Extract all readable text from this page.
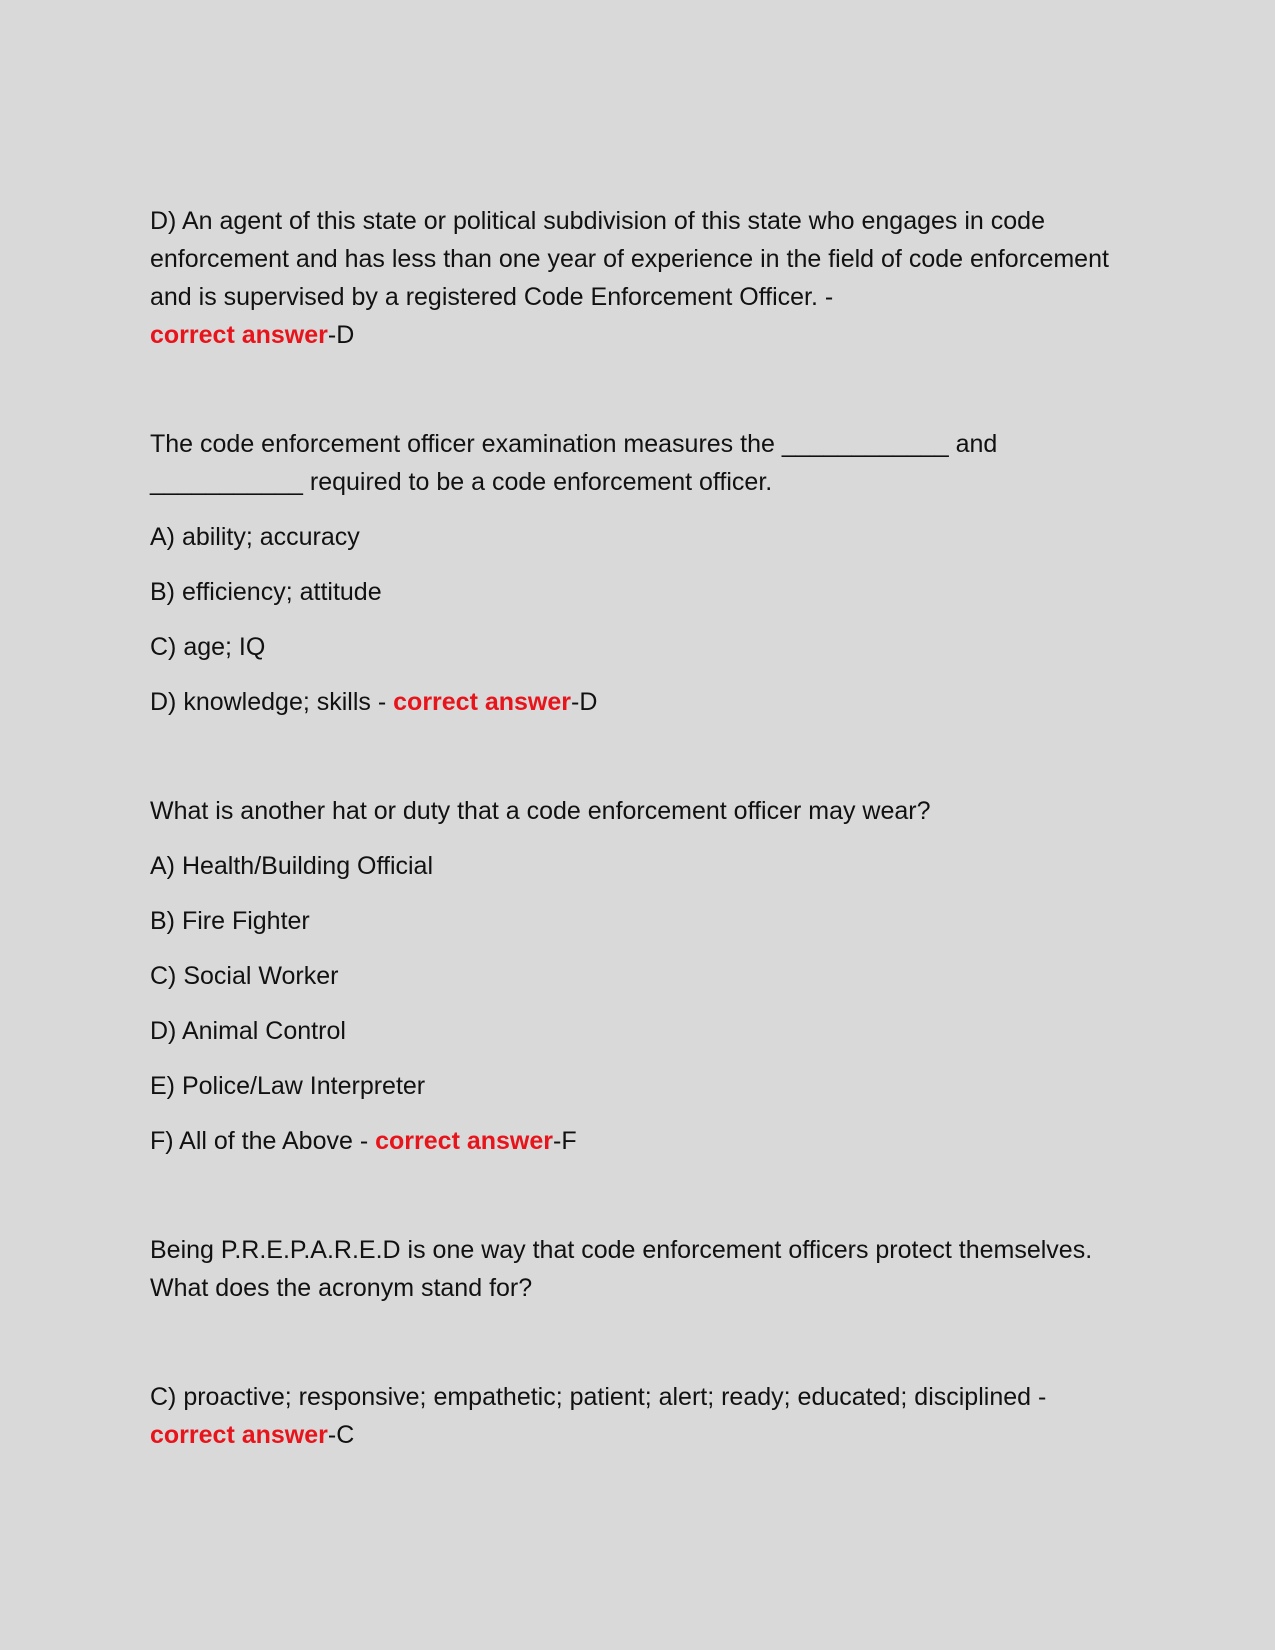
D) An agent of this state or political subdivision of this state who engages in code enforcement and has less than one year of experience in the field of code enforcement and is supervised by a registered Code Enforcement Officer. -
correct answer-D

The code enforcement officer examination measures the ____________ and ___________ required to be a code enforcement officer.

A) ability; accuracy

B) efficiency; attitude

C) age; IQ

D) knowledge; skills - correct answer-D

What is another hat or duty that a code enforcement officer may wear?

A) Health/Building Official

B) Fire Fighter

C) Social Worker

D) Animal Control

E) Police/Law Interpreter

F) All of the Above - correct answer-F

Being P.R.E.P.A.R.E.D is one way that code enforcement officers protect themselves. What does the acronym stand for?

C) proactive; responsive; empathetic; patient; alert; ready; educated; disciplined -
correct answer-C
